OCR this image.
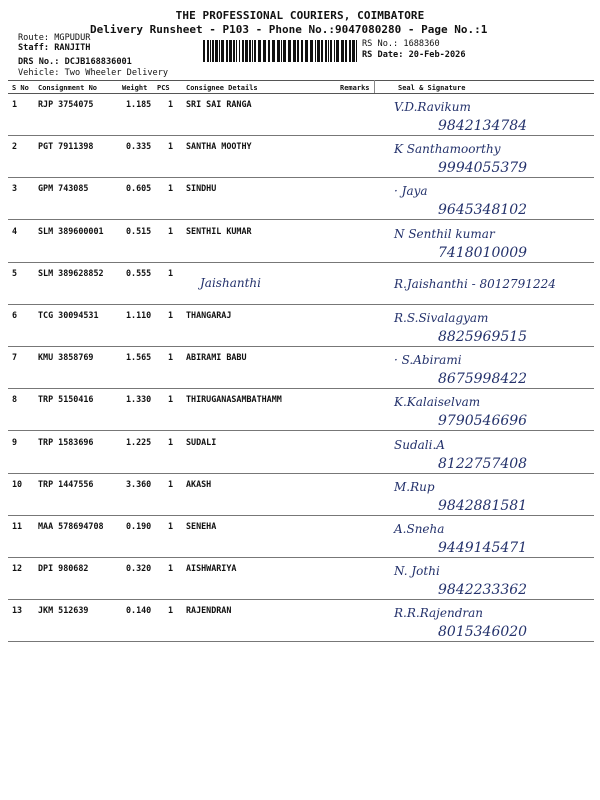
THE PROFESSIONAL COURIERS, COIMBATORE
Delivery Runsheet - P103 - Phone No.:9047080280 - Page No.:1
Route: MGPUDUR
Staff: RANJITH
DRS No.: DCJB168836001
Vehicle: Two Wheeler Delivery
RS No.: 1688360
RS Date: 20-Feb-2026
S No Consignment No	Weight PCS Consignee Details	Remarks	Seal & Signature
1 RJP 3754075	1.185 1 SRI SAI RANGA	V.D.Ravikum
9842134784
2 PGT 7911398	0.335 1 SANTHA MOOTHY	K Santhamoorthy
9994055379
3 GPM 743085	0.605 1 SINDHU	· Jaya
9645348102
4 SLM 389600001	0.515 1 SENTHIL KUMAR	N Senthil kumar
7418010009
5 SLM 389628852	0.555 1
Jaishanthi	R.Jaishanthi - 8012791224
6 TCG 30094531	1.110 1 THANGARAJ	R.S.Sivalagyam
8825969515
7 KMU 3858769	1.565 1 ABIRAMI BABU	· S.Abirami
8675998422
8 TRP 5150416	1.330 1 THIRUGANASAMBATHAMM	K.Kalaiselvam
9790546696
9 TRP 1583696	1.225 1 SUDALI	Sudali.A
8122757408
10 TRP 1447556	3.360 1 AKASH	M.Rup
9842881581
11 MAA 578694708	0.190 1 SENEHA	A.Sneha
9449145471
12 DPI 980682	0.320 1 AISHWARIYA	N. Jothi
9842233362
13 JKM 512639	0.140 1 RAJENDRAN	R.R.Rajendran
8015346020
